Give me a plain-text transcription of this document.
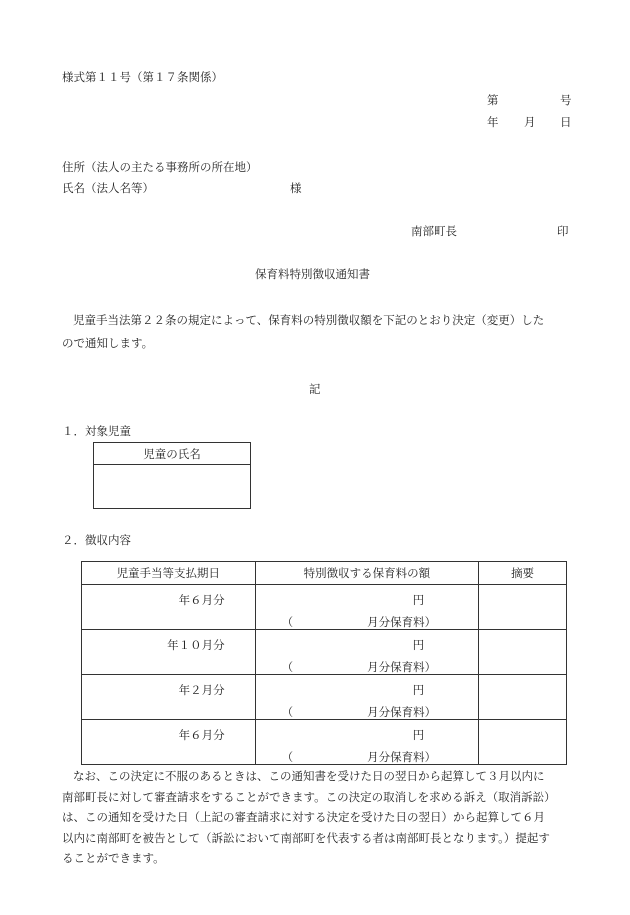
様式第１１号（第１７条関係）
第	号
年 月 日
住所（法人の主たる事務所の所在地）
氏名（法人名等）	様
南部町長	印
保育料特別徴収通知書
児童手当法第２２条の規定によって、保育料の特別徴収額を下記のとおり決定（変更）した
ので通知します。
記
１．対象児童
児童の氏名

２．徴収内容
児童手当等支払期日	特別徴収する保育料の額	摘要

年６月分	円
（ 月分保育料）	

年１０月分	円
（ 月分保育料）	

年２月分	円
（ 月分保育料）	

年６月分	円
（ 月分保育料）	

なお、この決定に不服のあるときは、この通知書を受けた日の翌日から起算して３月以内に

南部町長に対して審査請求をすることができます。この決定の取消しを求める訴え（取消訴訟）

は、この通知を受けた日（上記の審査請求に対する決定を受けた日の翌日）から起算して６月

以内に南部町を被告として（訴訟において南部町を代表する者は南部町長となります。）提起す

ることができます。
